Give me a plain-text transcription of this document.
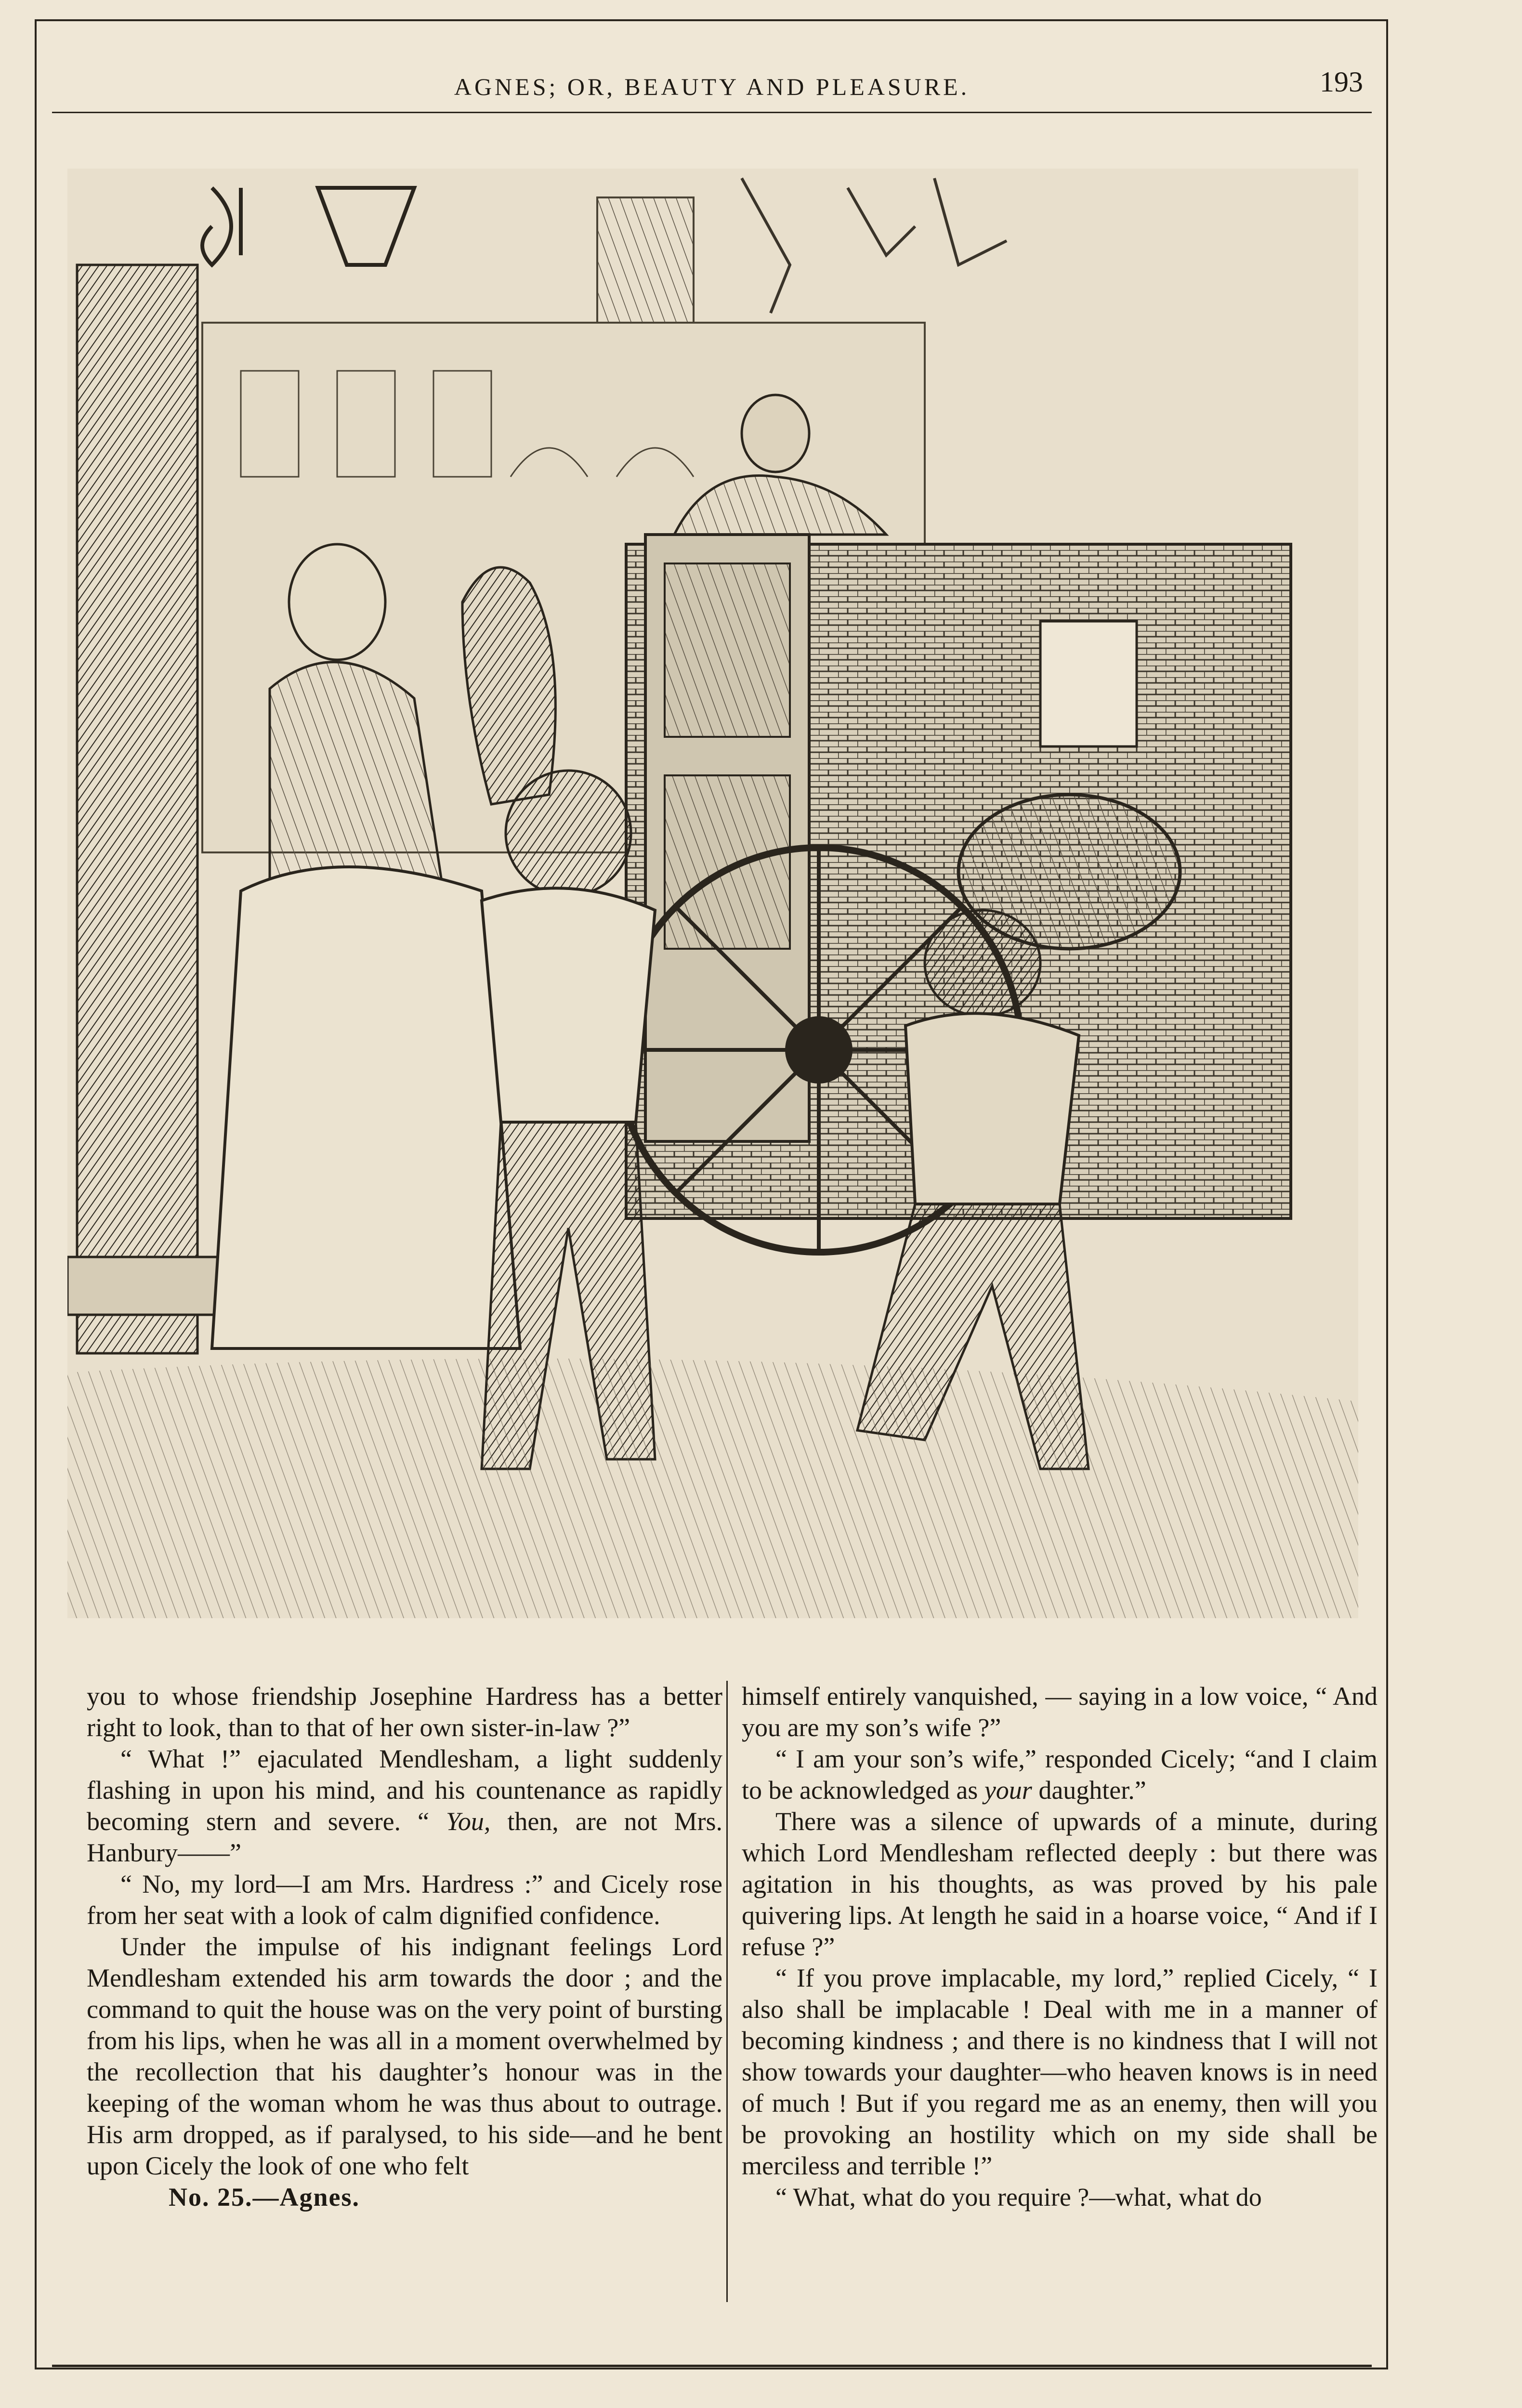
AGNES; OR, BEAUTY AND PLEASURE.	193

you to whose friendship Josephine Hardress has a better right to look, than to that of her own sister-in-law ?”

“ What !” ejaculated Mendlesham, a light suddenly flashing in upon his mind, and his countenance as rapidly becoming stern and severe. “ You, then, are not Mrs. Hanbury——”

“ No, my lord—I am Mrs. Hardress :” and Cicely rose from her seat with a look of calm dignified confidence.

Under the impulse of his indignant feelings Lord Mendlesham extended his arm towards the door ; and the command to quit the house was on the very point of bursting from his lips, when he was all in a moment overwhelmed by the recollection that his daughter’s honour was in the keeping of the woman whom he was thus about to outrage. His arm dropped, as if paralysed, to his side—and he bent upon Cicely the look of one who felt

No. 25.—Agnes.

himself entirely vanquished, — saying in a low voice, “ And you are my son’s wife ?”

“ I am your son’s wife,” responded Cicely; “and I claim to be acknowledged as your daughter.”

There was a silence of upwards of a minute, during which Lord Mendlesham reflected deeply : but there was agitation in his thoughts, as was proved by his pale quivering lips. At length he said in a hoarse voice, “ And if I refuse ?”

“ If you prove implacable, my lord,” replied Cicely, “ I also shall be implacable ! Deal with me in a manner of becoming kindness ; and there is no kindness that I will not show towards your daughter—who heaven knows is in need of much ! But if you regard me as an enemy, then will you be provoking an hostility which on my side shall be merciless and terrible !”

“ What, what do you require ?—what, what do
